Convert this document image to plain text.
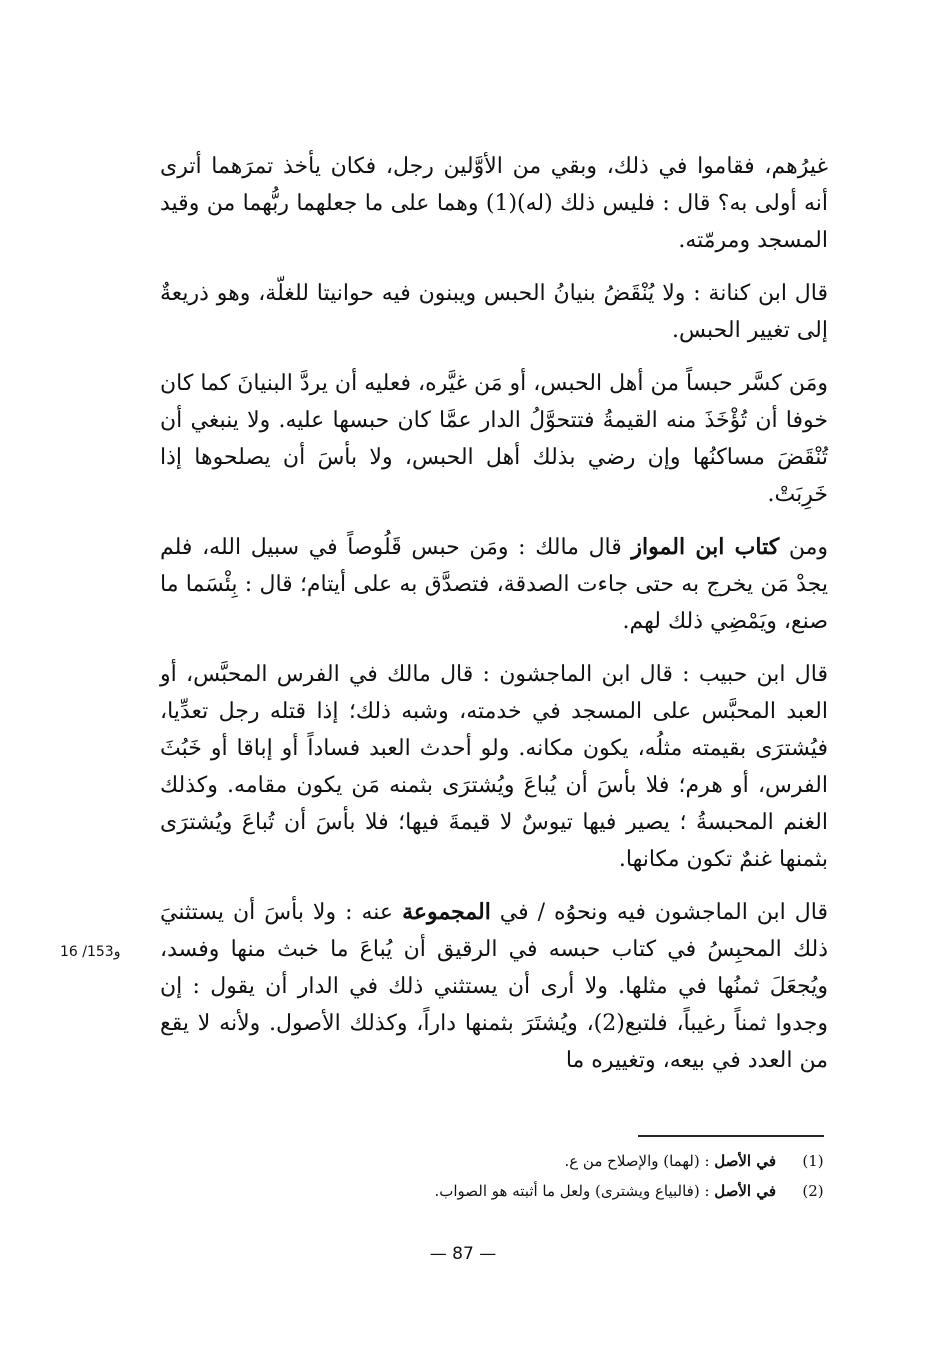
غيرُهم، فقاموا في ذلك، وبقي من الأوَّلين رجل، فكان يأخذ تمرَهما أترى أنه أولى به؟ قال : فليس ذلك (له)(1) وهما على ما جعلهما ربُّهما من وقيد المسجد ومرمّته.

قال ابن كنانة : ولا يُنْقَضُ بنيانُ الحبس ويبنون فيه حوانيتا للغلّة، وهو ذريعةٌ إلى تغيير الحبس.

ومَن كسَّر حبساً من أهل الحبس، أو مَن غيَّره، فعليه أن يردَّ البنيانَ كما كان خوفا أن تُؤْخَذَ منه القيمةُ فتتحوَّلُ الدار عمَّا كان حبسها عليه. ولا ينبغي أن تُنْقَضَ مساكنُها وإن رضي بذلك أهل الحبس، ولا بأسَ أن يصلحوها إذا خَرِبَتْ.

ومن كتاب ابن المواز قال مالك : ومَن حبس قَلُوصاً في سبيل الله، فلم يجدْ مَن يخرج به حتى جاءت الصدقة، فتصدَّق به على أيتام؛ قال : بِئْسَما ما صنع، ويَمْضِي ذلك لهم.

قال ابن حبيب : قال ابن الماجشون : قال مالك في الفرس المحبَّس، أو العبد المحبَّس على المسجد في خدمته، وشبه ذلك؛ إذا قتله رجل تعدِّيا، فيُشترَى بقيمته مثلُه، يكون مكانه. ولو أحدث العبد فساداً أو إباقا أو خَبُثَ الفرس، أو هرم؛ فلا بأسَ أن يُباعَ ويُشترَى بثمنه مَن يكون مقامه. وكذلك الغنم المحبسةُ ؛ يصير فيها تيوسٌ لا قيمةَ فيها؛ فلا بأسَ أن تُباعَ ويُشترَى بثمنها غنمٌ تكون مكانها.

قال ابن الماجشون فيه ونحوُه / في المجموعة عنه : ولا بأسَ أن يستثنيَ ذلك المحبِسُ في كتاب حبسه في الرقيق أن يُباعَ ما خبث منها وفسد، ويُجعَلَ ثمنُها في مثلها. ولا أرى أن يستثني ذلك في الدار أن يقول : إن وجدوا ثمناً رغيباً، فلتبع(2)، ويُشتَرَ بثمنها داراً، وكذلك الأصول. ولأنه لا يقع من العدد في بيعه، وتغييره ما

16 /153و
(1)
في الأصل : (لهما) والإصلاح من ع.
(2)
في الأصل : (فالبياع ويشترى) ولعل ما أثبته هو الصواب.
— 87 —
